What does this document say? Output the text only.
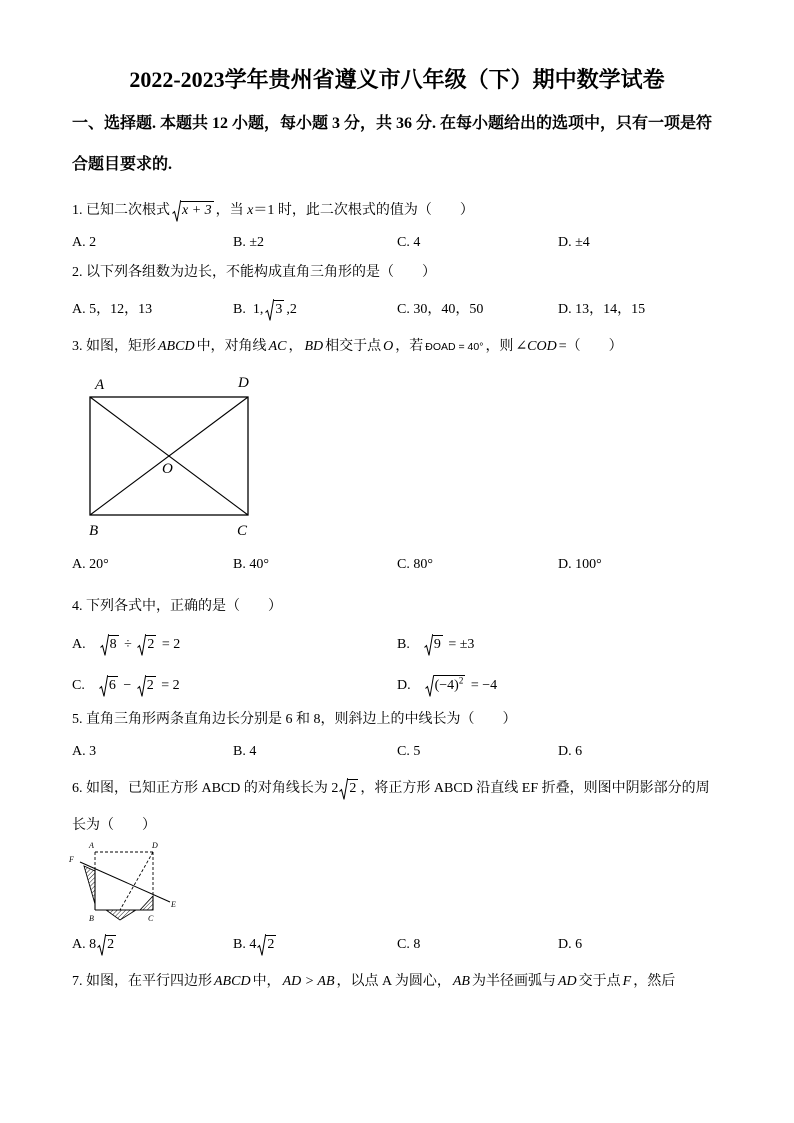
2022-2023学年贵州省遵义市八年级（下）期中数学试卷
一、选择题. 本题共 12 小题，每小题 3 分，共 36 分. 在每小题给出的选项中，只有一项是符
合题目要求的.
1. 已知二次根式 x + 3 ，当 x＝1 时，此二次根式的值为（　　）
A. 2	B. ±2	C. 4	D. ±4
2. 以下列各组数为边长，不能构成直角三角形的是（　　）
A. 5，12，13	B. 1, 3 ,2	C. 30，40，50	D. 13，14，15
3. 如图，矩形 ABCD 中，对角线 AC ， BD 相交于点 O ，若 ĐOAD = 40° ，则 ∠COD =（　　）
A	D
B	C
O
A. 20°	B. 40°	C. 80°	D. 100°
4. 下列各式中，正确的是（　　）
A. 8 ÷ 2 = 2	B. 9 = ±3
C. 6 − 2 = 2	D. $(-4)^2 = -4$
5. 直角三角形两条直角边长分别是 6 和 8，则斜边上的中线长为（　　）
A. 3	B. 4	C. 5	D. 6
6. 如图，已知正方形 ABCD 的对角线长为 2 2 ，将正方形 ABCD 沿直线 EF 折叠，则图中阴影部分的周
长为（　　）
F
A	D
B	C
E
A. 8 2	B. 4 2	C. 8	D. 6
7. 如图，在平行四边形 ABCD 中， AD > AB ，以点 A 为圆心， AB 为半径画弧与 AD 交于点 F ，然后
